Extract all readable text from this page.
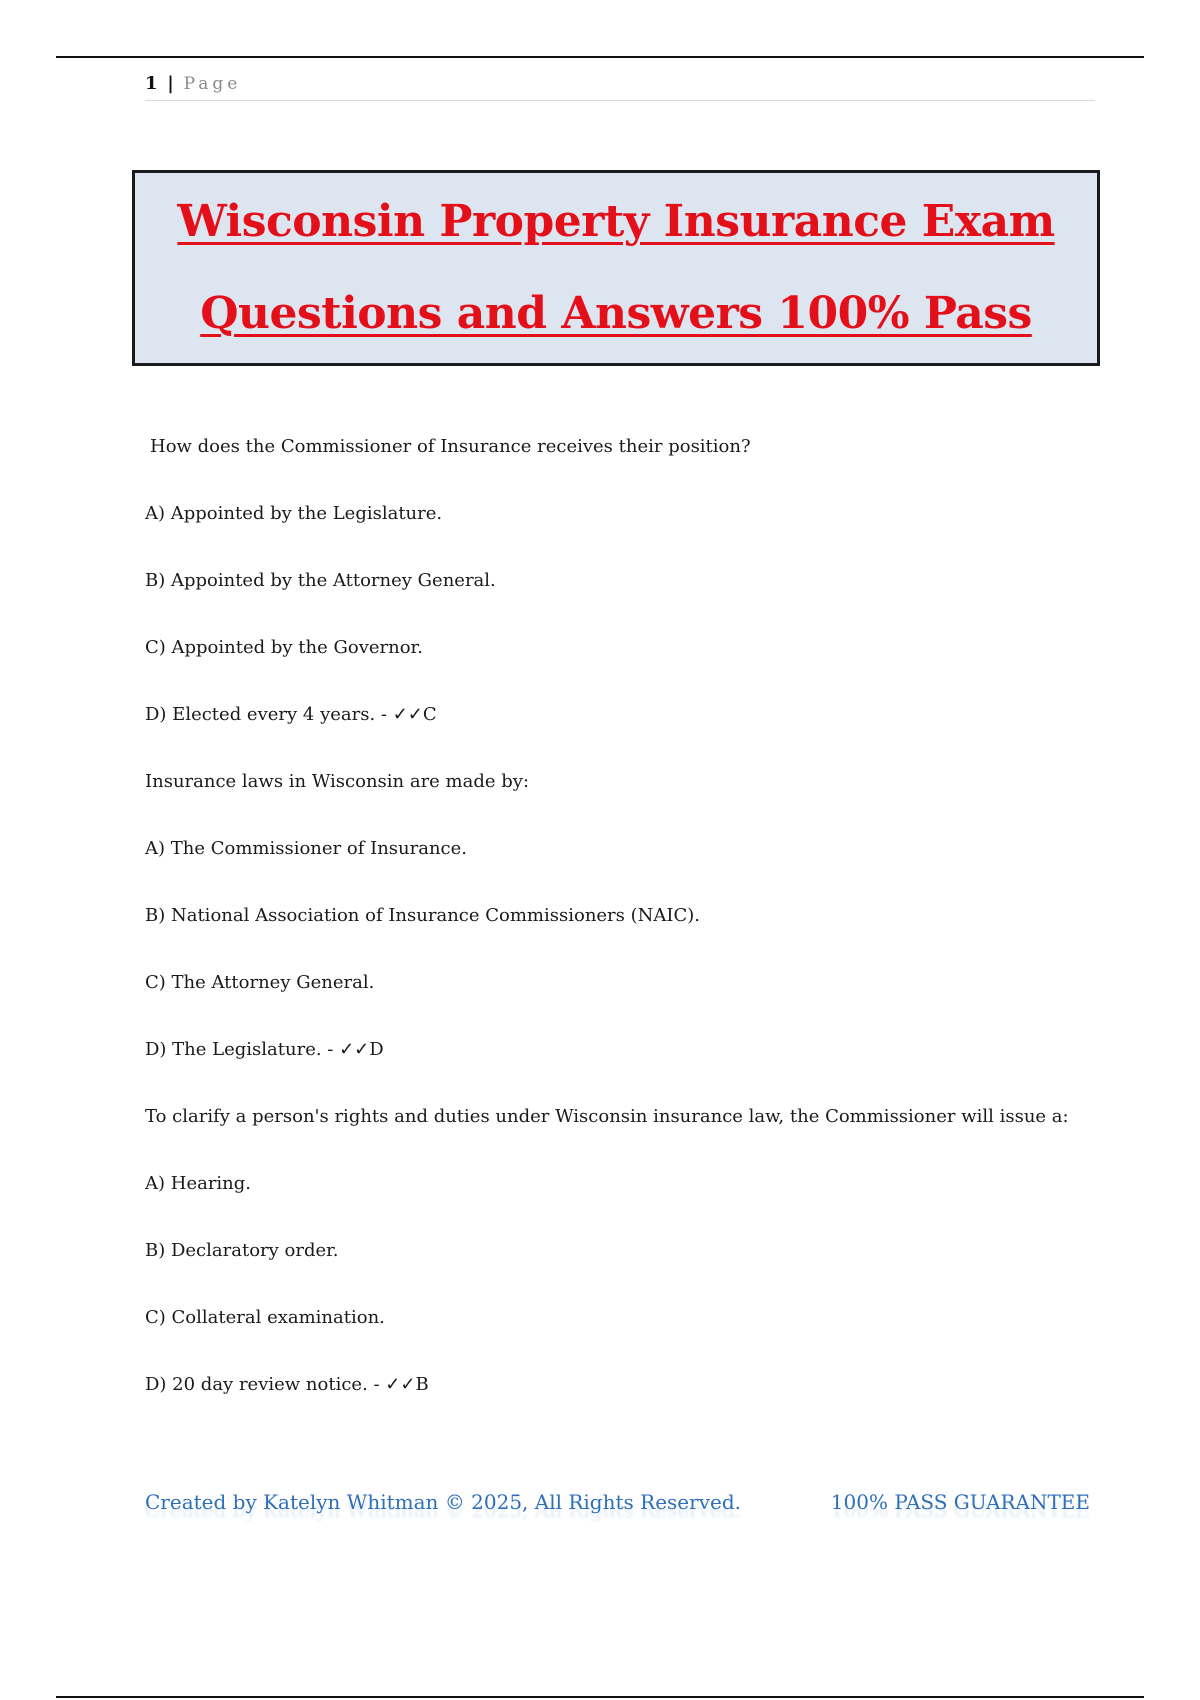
1 | Page
Wisconsin Property Insurance Exam
Questions and Answers 100% Pass
How does the Commissioner of Insurance receives their position?
A) Appointed by the Legislature.
B) Appointed by the Attorney General.
C) Appointed by the Governor.
D) Elected every 4 years. - ✓✓C
Insurance laws in Wisconsin are made by:
A) The Commissioner of Insurance.
B) National Association of Insurance Commissioners (NAIC).
C) The Attorney General.
D) The Legislature. - ✓✓D
To clarify a person's rights and duties under Wisconsin insurance law, the Commissioner will issue a:
A) Hearing.
B) Declaratory order.
C) Collateral examination.
D) 20 day review notice. - ✓✓B
Created by Katelyn Whitman © 2025, All Rights Reserved.	100% PASS GUARANTEE
